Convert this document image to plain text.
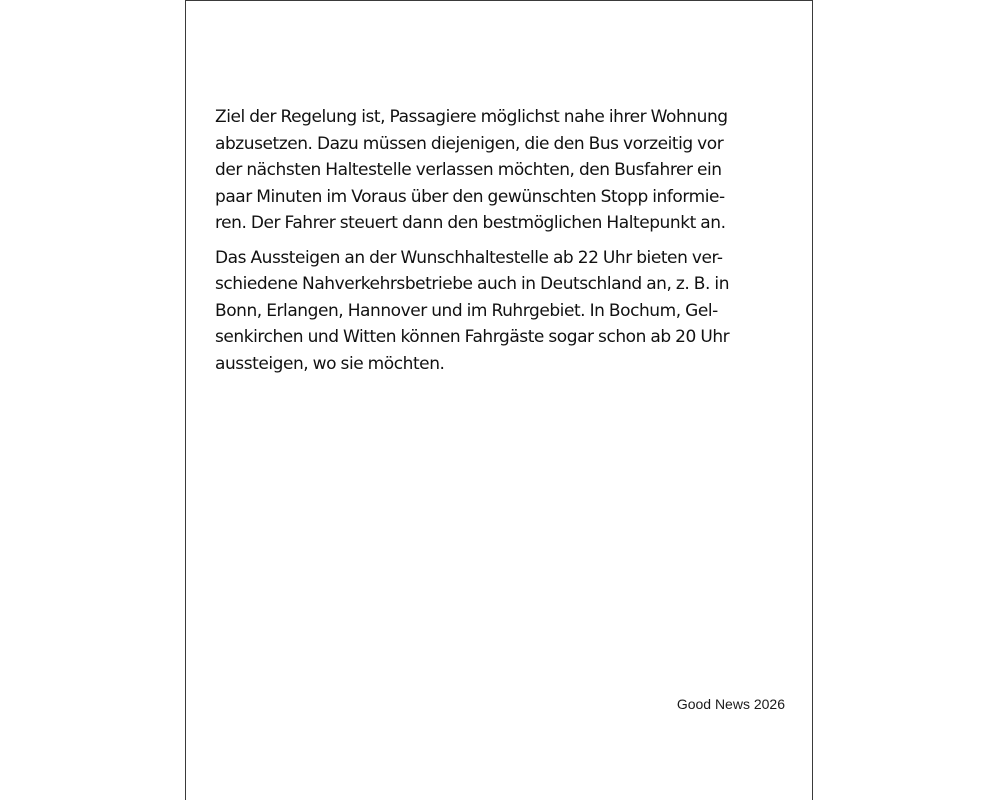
Ziel der Regelung ist, Passagiere möglichst nahe ihrer Wohnung
abzusetzen. Dazu müssen diejenigen, die den Bus vorzeitig vor
der nächsten Haltestelle verlassen möchten, den Busfahrer ein
paar Minuten im Voraus über den gewünschten Stopp informie-
ren. Der Fahrer steuert dann den bestmöglichen Haltepunkt an.

Das Aussteigen an der Wunschhaltestelle ab 22 Uhr bieten ver-
schiedene Nahverkehrsbetriebe auch in Deutschland an, z. B. in
Bonn, Erlangen, Hannover und im Ruhrgebiet. In Bochum, Gel-
senkirchen und Witten können Fahrgäste sogar schon ab 20 Uhr
aussteigen, wo sie möchten.

Good News 2026
